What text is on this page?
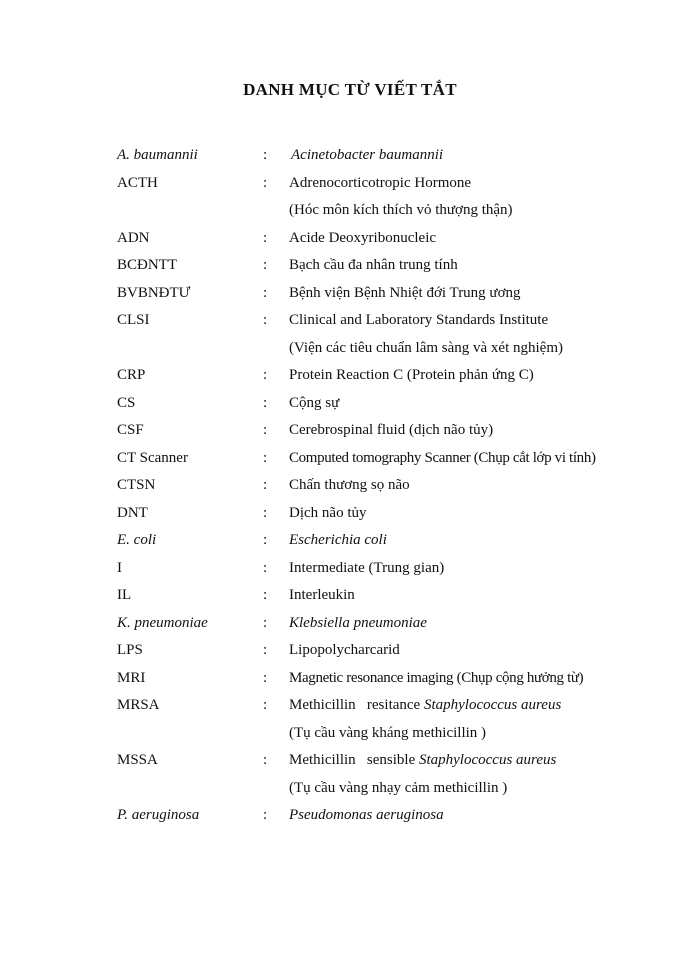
DANH MỤC TỪ VIẾT TẮT
A. baumannii	: Acinetobacter baumannii
ACTH	: Adrenocorticotropic Hormone
(Hóc môn kích thích vỏ thượng thận)
ADN	: Acide Deoxyribonucleic
BCĐNTT	: Bạch cầu đa nhân trung tính
BVBNĐTƯ	: Bệnh viện Bệnh Nhiệt đới Trung ương
CLSI	: Clinical and Laboratory Standards Institute
(Viện các tiêu chuẩn lâm sàng và xét nghiệm)
CRP	: Protein Reaction C (Protein phản ứng C)
CS	: Cộng sự
CSF	: Cerebrospinal fluid (dịch não tủy)
CT Scanner	: Computed tomography Scanner (Chụp cắt lớp vi tính)
CTSN	: Chấn thương sọ não
DNT	: Dịch não tủy
E. coli	: Escherichia coli
I	: Intermediate (Trung gian)
IL	: Interleukin
K. pneumoniae	: Klebsiella pneumoniae
LPS	: Lipopolycharcarid
MRI	: Magnetic resonance imaging (Chụp cộng hưởng từ)
MRSA	: Methicillin   resitance Staphylococcus aureus
(Tụ cầu vàng kháng methicillin )
MSSA	: Methicillin   sensible Staphylococcus aureus
(Tụ cầu vàng nhạy cảm methicillin )
P. aeruginosa	: Pseudomonas aeruginosa
